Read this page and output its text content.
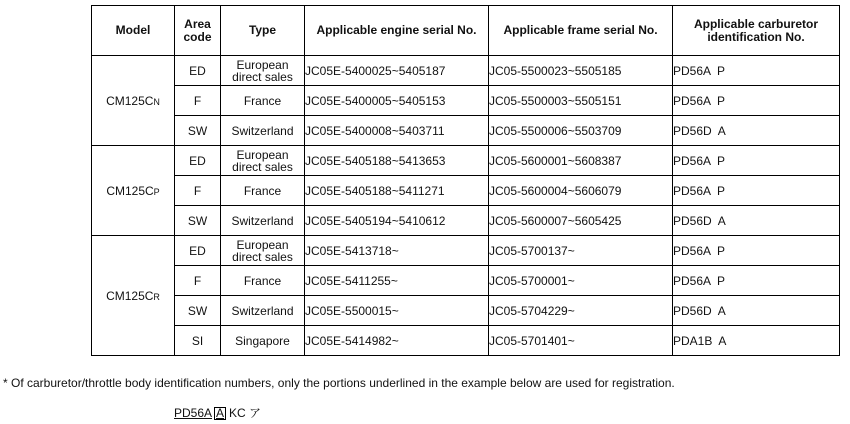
Model	Area code	Type	Applicable engine serial No.	Applicable frame serial No.	Applicable carburetor identification No.
CM125CN	ED	European direct sales	JC05E-5400025~5405187	JC05-5500023~5505185	PD56A P
	F	France	JC05E-5400005~5405153	JC05-5500003~5505151	PD56A P
	SW	Switzerland	JC05E-5400008~5403711	JC05-5500006~5503709	PD56D A
CM125CP	ED	European direct sales	JC05E-5405188~5413653	JC05-5600001~5608387	PD56A P
	F	France	JC05E-5405188~5411271	JC05-5600004~5606079	PD56A P
	SW	Switzerland	JC05E-5405194~5410612	JC05-5600007~5605425	PD56D A
CM125CR	ED	European direct sales	JC05E-5413718~	JC05-5700137~	PD56A P
	F	France	JC05E-5411255~	JC05-5700001~	PD56A P
	SW	Switzerland	JC05E-5500015~	JC05-5704229~	PD56D A
	SI	Singapore	JC05E-5414982~	JC05-5701401~	PDA1B A
* Of carburetor/throttle body identification numbers, only the portions underlined in the example below are used for registration.
PD56A A KC ア
